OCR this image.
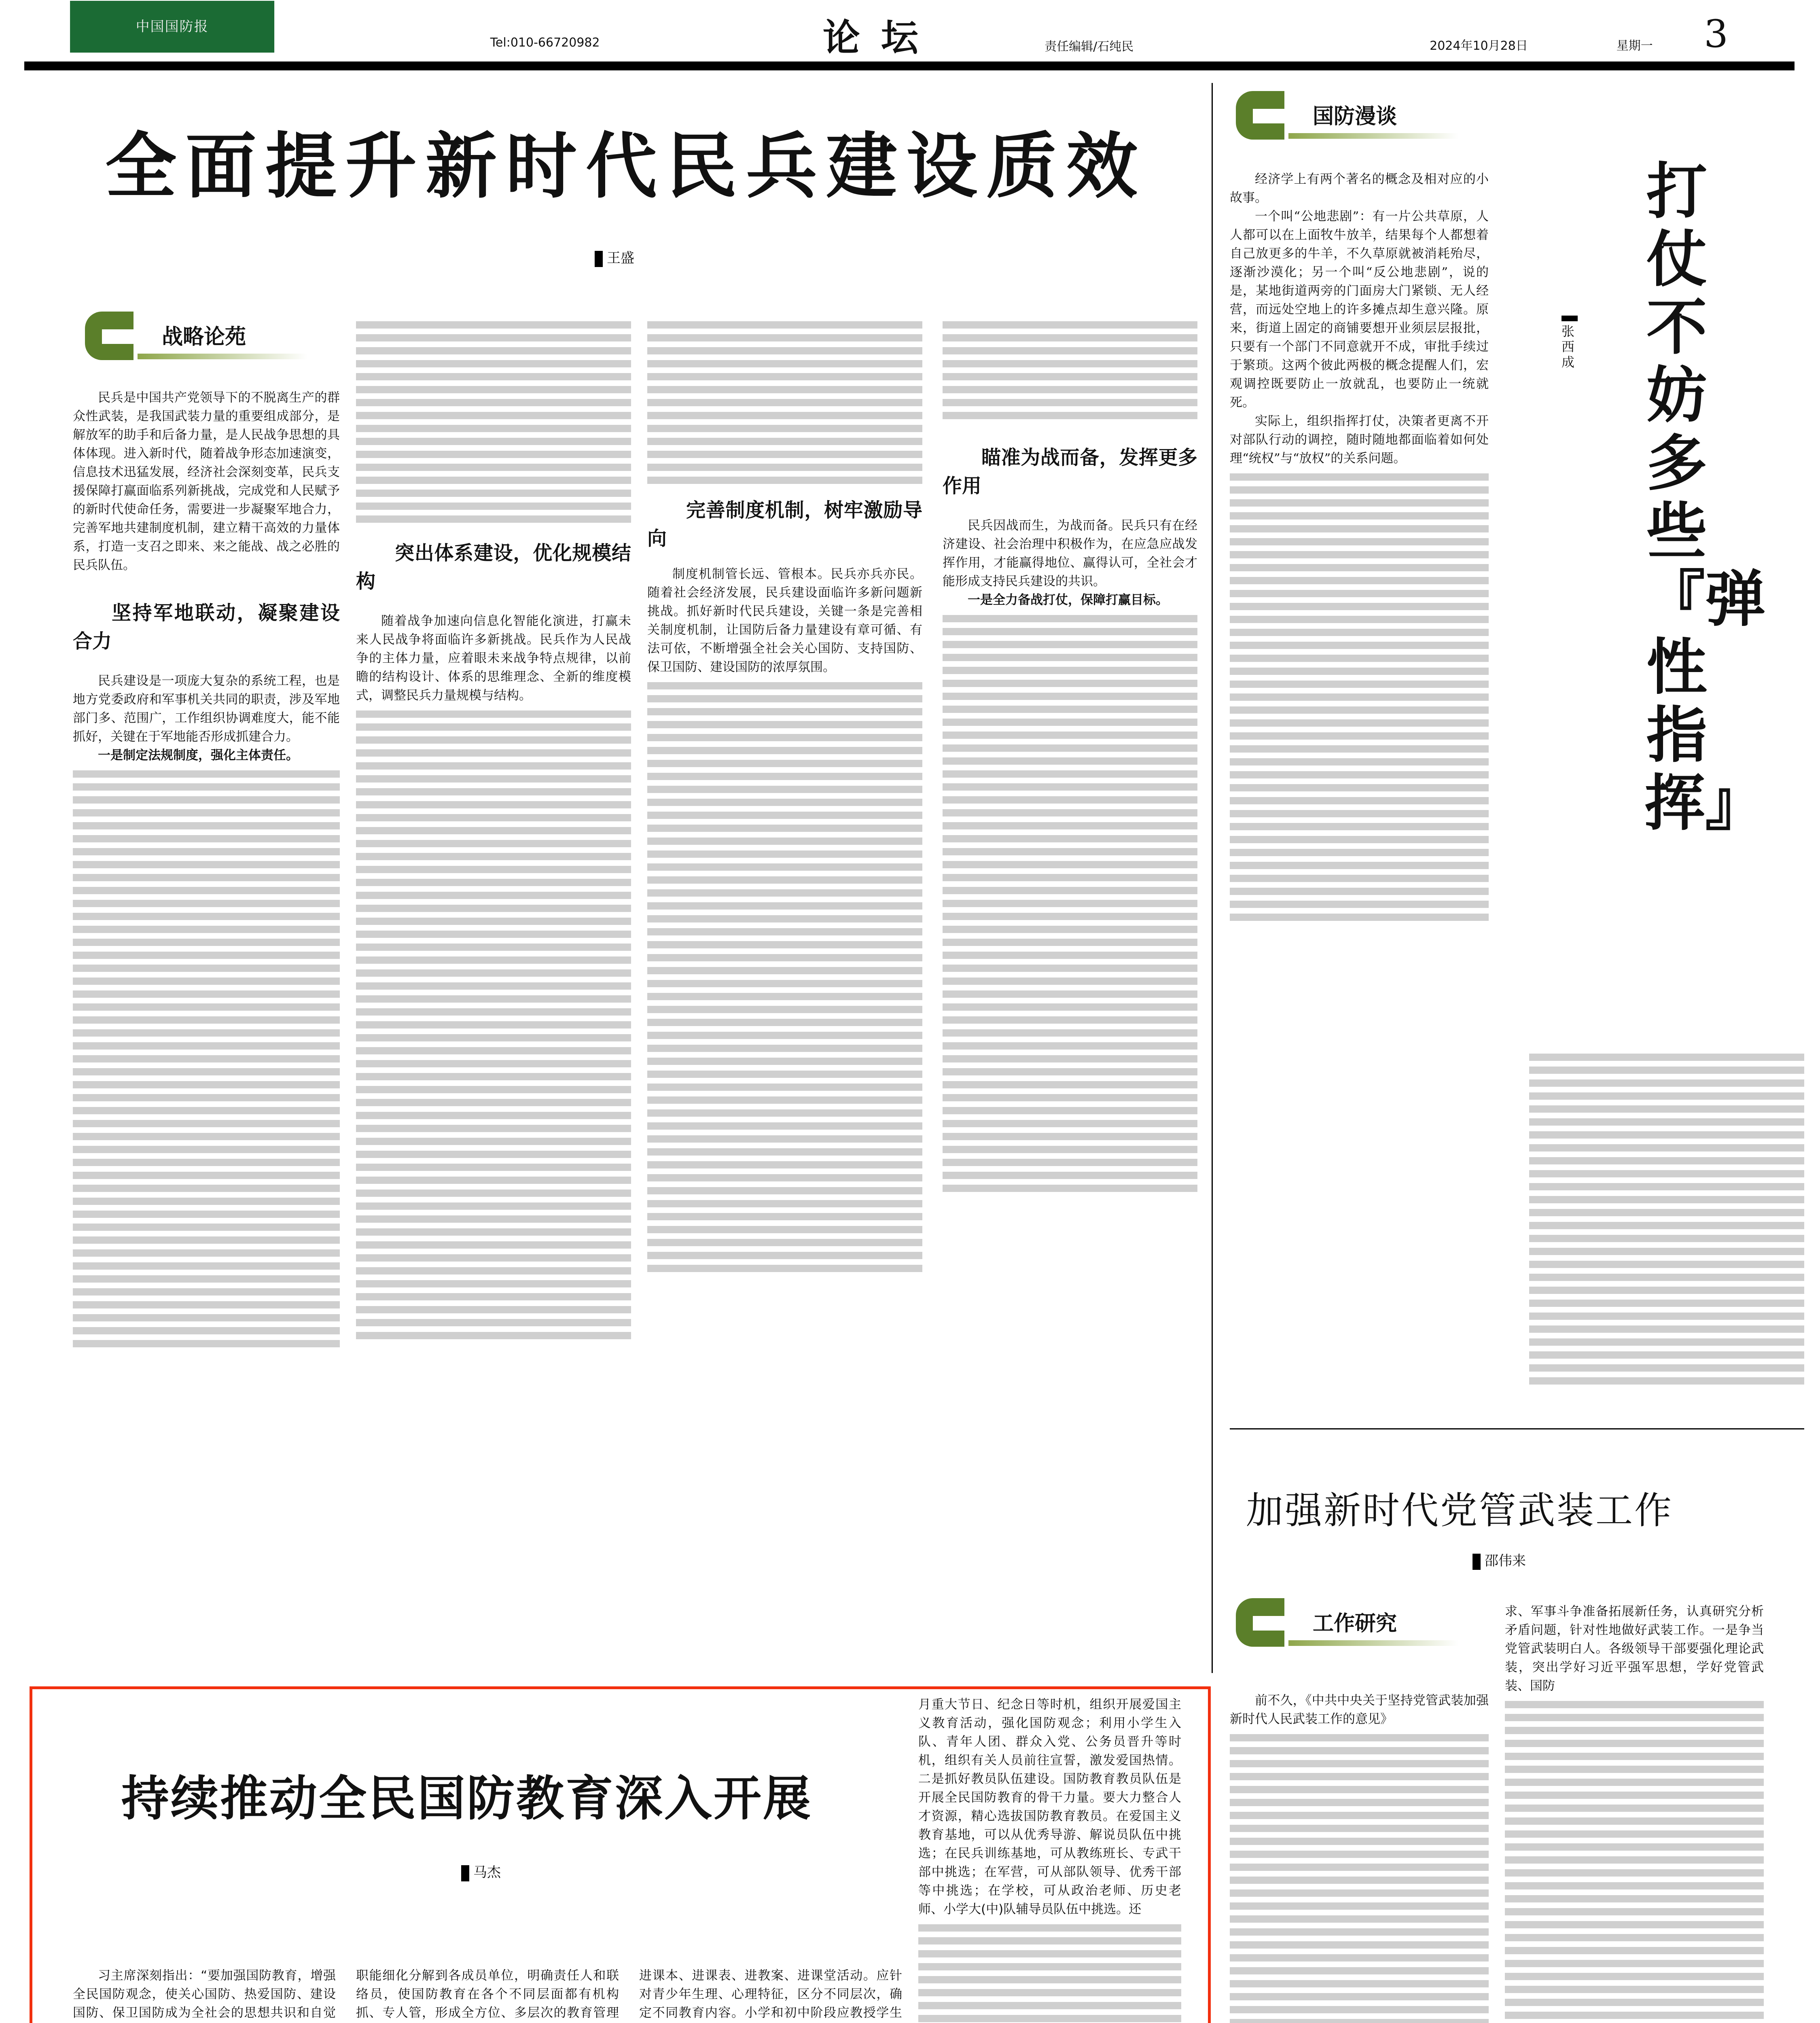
中国国防报
Tel:010-66720982	论坛	责任编辑/石纯民	2024年10月28日	星期一 3
全面提升新时代民兵建设质效
王盛
战略论苑

民兵是中国共产党领导下的不脱离生产的群众性武装，是我国武装力量的重要组成部分，是解放军的助手和后备力量，是人民战争思想的具体体现。进入新时代，随着战争形态加速演变，信息技术迅猛发展，经济社会深刻变革，民兵支援保障打赢面临系列新挑战，完成党和人民赋予的新时代使命任务，需要进一步凝聚军地合力，完善军地共建制度机制，建立精干高效的力量体系，打造一支召之即来、来之能战、战之必胜的民兵队伍。

坚持军地联动，凝聚建设合力

民兵建设是一项庞大复杂的系统工程，也是地方党委政府和军事机关共同的职责，涉及军地部门多、范围广，工作组织协调难度大，能不能抓好，关键在于军地能否形成抓建合力。

一是制定法规制度，强化主体责任。

突出体系建设，优化规模结构

随着战争加速向信息化智能化演进，打赢未来人民战争将面临许多新挑战。民兵作为人民战争的主体力量，应着眼未来战争特点规律，以前瞻的结构设计、体系的思维理念、全新的维度模式，调整民兵力量规模与结构。

完善制度机制，树牢激励导向

制度机制管长远、管根本。民兵亦兵亦民。随着社会经济发展，民兵建设面临许多新问题新挑战。抓好新时代民兵建设，关键一条是完善相关制度机制，让国防后备力量建设有章可循、有法可依，不断增强全社会关心国防、支持国防、保卫国防、建设国防的浓厚氛围。

瞄准为战而备，发挥更多作用

民兵因战而生，为战而备。民兵只有在经济建设、社会治理中积极作为，在应急应战发挥作用，才能赢得地位、赢得认可，全社会才能形成支持民兵建设的共识。

一是全力备战打仗，保障打赢目标。

国防漫谈
打仗不妨多些『弹性指挥』
张西成

经济学上有两个著名的概念及相对应的小故事。

一个叫“公地悲剧”：有一片公共草原，人人都可以在上面牧牛放羊，结果每个人都想着自己放更多的牛羊，不久草原就被消耗殆尽，逐渐沙漠化；另一个叫“反公地悲剧”，说的是，某地街道两旁的门面房大门紧锁、无人经营，而远处空地上的许多摊点却生意兴隆。原来，街道上固定的商铺要想开业须层层报批，只要有一个部门不同意就开不成，审批手续过于繁琐。这两个彼此两极的概念提醒人们，宏观调控既要防止一放就乱，也要防止一统就死。

实际上，组织指挥打仗，决策者更离不开对部队行动的调控，随时随地都面临着如何处理“统权”与“放权”的关系问题。

加强新时代党管武装工作
邵伟来
工作研究

前不久，《中共中央关于坚持党管武装加强新时代人民武装工作的意见》

求、军事斗争准备拓展新任务，认真研究分析矛盾问题，针对性地做好武装工作。一是争当党管武装明白人。各级领导干部要强化理论武装，突出学好习近平强军思想，学好党管武装、国防

持续推动全民国防教育深入开展
马杰

习主席深刻指出：“要加强国防教育，增强全民国防观念，使关心国防、热爱国防、建设国防、保卫国防成为全社会的思想共识和自觉

职能细化分解到各成员单位，明确责任人和联络员，使国防教育在各个不同层面都有机构抓、专人管，形成全方位、多层次的教育管理

进课本、进课表、进教案、进课堂活动。应针对青少年生理、心理特征，区分不同层次，确定不同教育内容。小学和初中阶段应教授学生

月重大节日、纪念日等时机，组织开展爱国主义教育活动，强化国防观念；利用小学生入队、青年人团、群众入党、公务员晋升等时机，组织有关人员前往宣誓，激发爱国热情。二是抓好教员队伍建设。国防教育教员队伍是开展全民国防教育的骨干力量。要大力整合人才资源，精心选拔国防教育教员。在爱国主义教育基地，可以从优秀导游、解说员队伍中挑选；在民兵训练基地，可从教练班长、专武干部中挑选；在军营，可从部队领导、优秀干部等中挑选；在学校，可从政治老师、历史老师、小学大(中)队辅导员队伍中挑选。还
